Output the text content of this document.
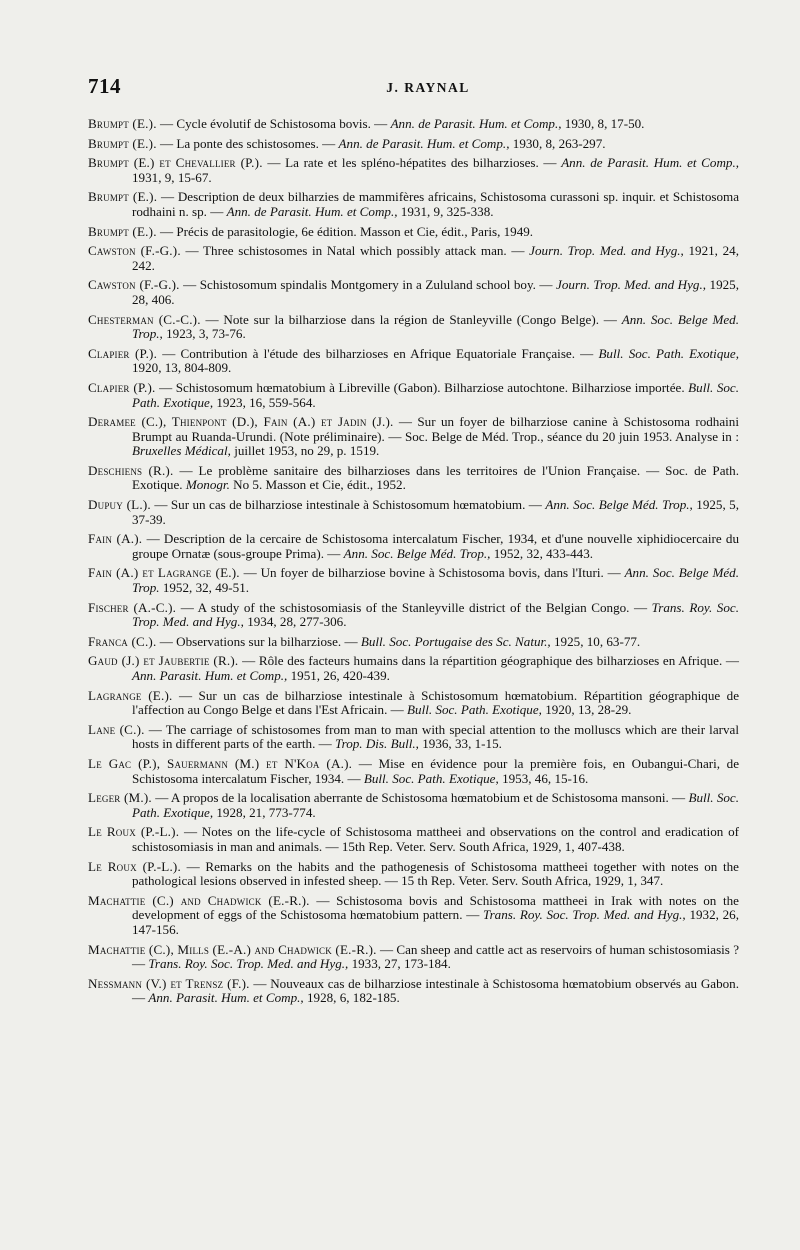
714	J. RAYNAL
Brumpt (E.). — Cycle évolutif de Schistosoma bovis. — Ann. de Parasit. Hum. et Comp., 1930, 8, 17-50.
Brumpt (E.). — La ponte des schistosomes. — Ann. de Parasit. Hum. et Comp., 1930, 8, 263-297.
Brumpt (E.) et Chevallier (P.). — La rate et les spléno-hépatites des bilharzioses. — Ann. de Parasit. Hum. et Comp., 1931, 9, 15-67.
Brumpt (E.). — Description de deux bilharzies de mammifères africains, Schistosoma curassoni sp. inquir. et Schistosoma rodhaini n. sp. — Ann. de Parasit. Hum. et Comp., 1931, 9, 325-338.
Brumpt (E.). — Précis de parasitologie, 6e édition. Masson et Cie, édit., Paris, 1949.
Cawston (F.-G.). — Three schistosomes in Natal which possibly attack man. — Journ. Trop. Med. and Hyg., 1921, 24, 242.
Cawston (F.-G.). — Schistosomum spindalis Montgomery in a Zululand school boy. — Journ. Trop. Med. and Hyg., 1925, 28, 406.
Chesterman (C.-C.). — Note sur la bilharziose dans la région de Stanleyville (Congo Belge). — Ann. Soc. Belge Med. Trop., 1923, 3, 73-76.
Clapier (P.). — Contribution à l'étude des bilharzioses en Afrique Equatoriale Française. — Bull. Soc. Path. Exotique, 1920, 13, 804-809.
Clapier (P.). — Schistosomum hœmatobium à Libreville (Gabon). Bilharziose autochtone. Bilharziose importée. Bull. Soc. Path. Exotique, 1923, 16, 559-564.
Deramee (C.), Thienpont (D.), Fain (A.) et Jadin (J.). — Sur un foyer de bilharziose canine à Schistosoma rodhaini Brumpt au Ruanda-Urundi. (Note préliminaire). — Soc. Belge de Méd. Trop., séance du 20 juin 1953. Analyse in : Bruxelles Médical, juillet 1953, no 29, p. 1519.
Deschiens (R.). — Le problème sanitaire des bilharzioses dans les territoires de l'Union Française. — Soc. de Path. Exotique. Monogr. No 5. Masson et Cie, édit., 1952.
Dupuy (L.). — Sur un cas de bilharziose intestinale à Schistosomum hœmatobium. — Ann. Soc. Belge Méd. Trop., 1925, 5, 37-39.
Fain (A.). — Description de la cercaire de Schistosoma intercalatum Fischer, 1934, et d'une nouvelle xiphidiocercaire du groupe Ornatæ (sous-groupe Prima). — Ann. Soc. Belge Méd. Trop., 1952, 32, 433-443.
Fain (A.) et Lagrange (E.). — Un foyer de bilharziose bovine à Schistosoma bovis, dans l'Ituri. — Ann. Soc. Belge Méd. Trop. 1952, 32, 49-51.
Fischer (A.-C.). — A study of the schistosomiasis of the Stanleyville district of the Belgian Congo. — Trans. Roy. Soc. Trop. Med. and Hyg., 1934, 28, 277-306.
Franca (C.). — Observations sur la bilharziose. — Bull. Soc. Portugaise des Sc. Natur., 1925, 10, 63-77.
Gaud (J.) et Jaubertie (R.). — Rôle des facteurs humains dans la répartition géographique des bilharzioses en Afrique. — Ann. Parasit. Hum. et Comp., 1951, 26, 420-439.
Lagrange (E.). — Sur un cas de bilharziose intestinale à Schistosomum hœmatobium. Répartition géographique de l'affection au Congo Belge et dans l'Est Africain. — Bull. Soc. Path. Exotique, 1920, 13, 28-29.
Lane (C.). — The carriage of schistosomes from man to man with special attention to the molluscs which are their larval hosts in different parts of the earth. — Trop. Dis. Bull., 1936, 33, 1-15.
Le Gac (P.), Sauermann (M.) et N'Koa (A.). — Mise en évidence pour la première fois, en Oubangui-Chari, de Schistosoma intercalatum Fischer, 1934. — Bull. Soc. Path. Exotique, 1953, 46, 15-16.
Leger (M.). — A propos de la localisation aberrante de Schistosoma hœmatobium et de Schistosoma mansoni. — Bull. Soc. Path. Exotique, 1928, 21, 773-774.
Le Roux (P.-L.). — Notes on the life-cycle of Schistosoma mattheei and observations on the control and eradication of schistosomiasis in man and animals. — 15th Rep. Veter. Serv. South Africa, 1929, 1, 407-438.
Le Roux (P.-L.). — Remarks on the habits and the pathogenesis of Schistosoma mattheei together with notes on the pathological lesions observed in infested sheep. — 15 th Rep. Veter. Serv. South Africa, 1929, 1, 347.
Machattie (C.) and Chadwick (E.-R.). — Schistosoma bovis and Schistosoma mattheei in Irak with notes on the development of eggs of the Schistosoma hœmatobium pattern. — Trans. Roy. Soc. Trop. Med. and Hyg., 1932, 26, 147-156.
Machattie (C.), Mills (E.-A.) and Chadwick (E.-R.). — Can sheep and cattle act as reservoirs of human schistosomiasis ? — Trans. Roy. Soc. Trop. Med. and Hyg., 1933, 27, 173-184.
Nessmann (V.) et Trensz (F.). — Nouveaux cas de bilharziose intestinale à Schistosoma hœmatobium observés au Gabon. — Ann. Parasit. Hum. et Comp., 1928, 6, 182-185.
